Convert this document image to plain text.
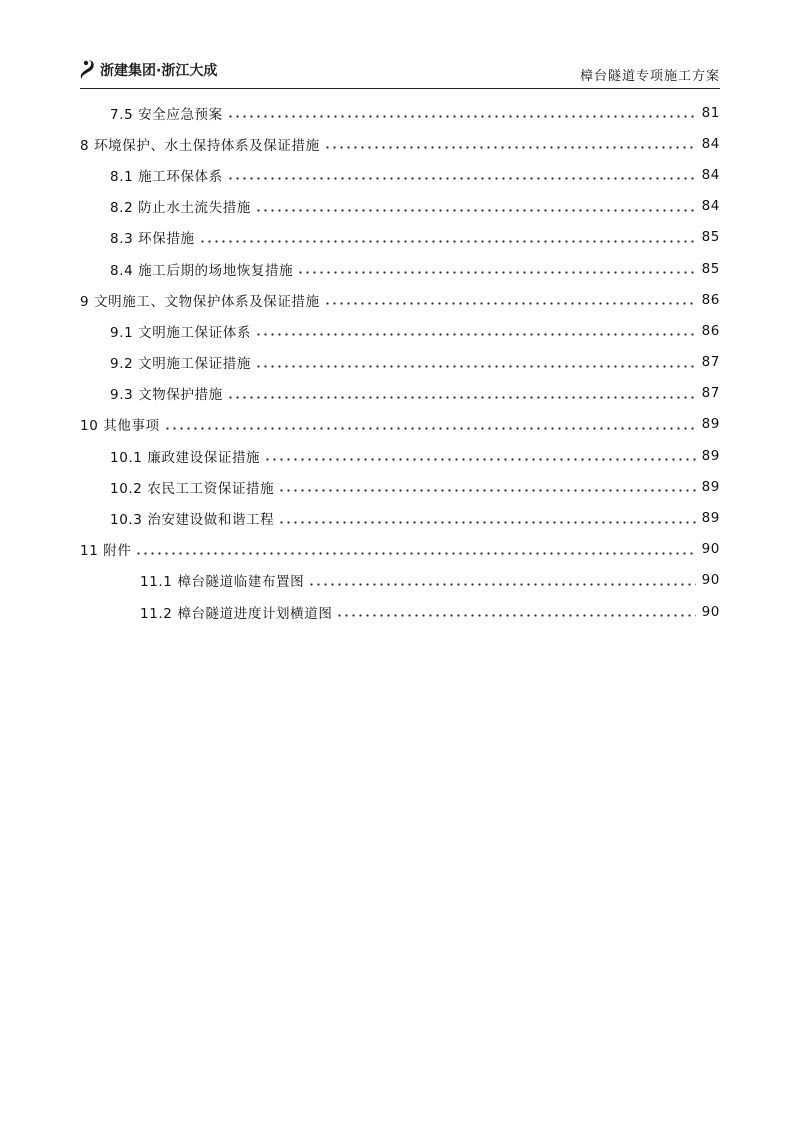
浙建集团·浙江大成	樟台隧道专项施工方案
7.5 安全应急预案	81
8 环境保护、水土保持体系及保证措施	84
8.1 施工环保体系	84
8.2 防止水土流失措施	84
8.3 环保措施	85
8.4 施工后期的场地恢复措施	85
9 文明施工、文物保护体系及保证措施	86
9.1 文明施工保证体系	86
9.2 文明施工保证措施	87
9.3 文物保护措施	87
10 其他事项	89
10.1 廉政建设保证措施	89
10.2 农民工工资保证措施	89
10.3 治安建设做和谐工程	89
11 附件	90
11.1 樟台隧道临建布置图	90
11.2 樟台隧道进度计划横道图	90
